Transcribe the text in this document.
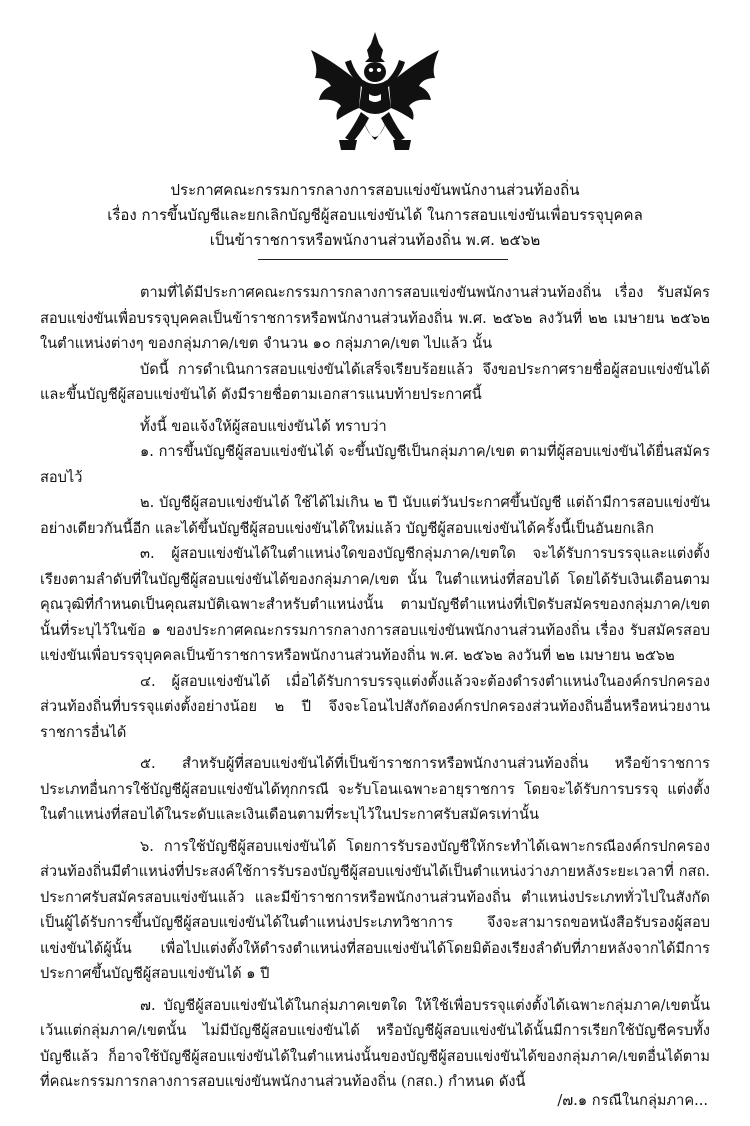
ประกาศคณะกรรมการกลางการสอบแข่งขันพนักงานส่วนท้องถิ่น
เรื่อง การขึ้นบัญชีและยกเลิกบัญชีผู้สอบแข่งขันได้ ในการสอบแข่งขันเพื่อบรรจุบุคคล
เป็นข้าราชการหรือพนักงานส่วนท้องถิ่น พ.ศ. ๒๕๖๒

ตามที่ได้มีประกาศคณะกรรมการกลางการสอบแข่งขันพนักงานส่วนท้องถิ่น เรื่อง รับสมัครสอบแข่งขันเพื่อบรรจุบุคคลเป็นข้าราชการหรือพนักงานส่วนท้องถิ่น พ.ศ. ๒๕๖๒ ลงวันที่ ๒๒ เมษายน ๒๕๖๒ ในตำแหน่งต่างๆ ของกลุ่มภาค/เขต จำนวน ๑๐ กลุ่มภาค/เขต ไปแล้ว นั้น

บัดนี้ การดำเนินการสอบแข่งขันได้เสร็จเรียบร้อยแล้ว จึงขอประกาศรายชื่อผู้สอบแข่งขันได้และขึ้นบัญชีผู้สอบแข่งขันได้ ดังมีรายชื่อตามเอกสารแนบท้ายประกาศนี้

ทั้งนี้ ขอแจ้งให้ผู้สอบแข่งขันได้ ทราบว่า

๑. การขึ้นบัญชีผู้สอบแข่งขันได้ จะขึ้นบัญชีเป็นกลุ่มภาค/เขต ตามที่ผู้สอบแข่งขันได้ยื่นสมัครสอบไว้

๒. บัญชีผู้สอบแข่งขันได้ ใช้ได้ไม่เกิน ๒ ปี นับแต่วันประกาศขึ้นบัญชี แต่ถ้ามีการสอบแข่งขันอย่างเดียวกันนี้อีก และได้ขึ้นบัญชีผู้สอบแข่งขันได้ใหม่แล้ว บัญชีผู้สอบแข่งขันได้ครั้งนี้เป็นอันยกเลิก

๓. ผู้สอบแข่งขันได้ในตำแหน่งใดของบัญชีกลุ่มภาค/เขตใด จะได้รับการบรรจุและแต่งตั้งเรียงตามลำดับที่ในบัญชีผู้สอบแข่งขันได้ของกลุ่มภาค/เขต นั้น ในตำแหน่งที่สอบได้ โดยได้รับเงินเดือนตามคุณวุฒิที่กำหนดเป็นคุณสมบัติเฉพาะสำหรับตำแหน่งนั้น ตามบัญชีตำแหน่งที่เปิดรับสมัครของกลุ่มภาค/เขตนั้นที่ระบุไว้ในข้อ ๑ ของประกาศคณะกรรมการกลางการสอบแข่งขันพนักงานส่วนท้องถิ่น เรื่อง รับสมัครสอบแข่งขันเพื่อบรรจุบุคคลเป็นข้าราชการหรือพนักงานส่วนท้องถิ่น พ.ศ. ๒๕๖๒ ลงวันที่ ๒๒ เมษายน ๒๕๖๒

๔. ผู้สอบแข่งขันได้ เมื่อได้รับการบรรจุแต่งตั้งแล้วจะต้องดำรงตำแหน่งในองค์กรปกครองส่วนท้องถิ่นที่บรรจุแต่งตั้งอย่างน้อย ๒ ปี จึงจะโอนไปสังกัดองค์กรปกครองส่วนท้องถิ่นอื่นหรือหน่วยงานราชการอื่นได้

๕. สำหรับผู้ที่สอบแข่งขันได้ที่เป็นข้าราชการหรือพนักงานส่วนท้องถิ่น หรือข้าราชการประเภทอื่นการใช้บัญชีผู้สอบแข่งขันได้ทุกกรณี จะรับโอนเฉพาะอายุราชการ โดยจะได้รับการบรรจุ แต่งตั้งในตำแหน่งที่สอบได้ในระดับและเงินเดือนตามที่ระบุไว้ในประกาศรับสมัครเท่านั้น

๖. การใช้บัญชีผู้สอบแข่งขันได้ โดยการรับรองบัญชีให้กระทำได้เฉพาะกรณีองค์กรปกครองส่วนท้องถิ่นมีตำแหน่งที่ประสงค์ใช้การรับรองบัญชีผู้สอบแข่งขันได้เป็นตำแหน่งว่างภายหลังระยะเวลาที่ กสถ. ประกาศรับสมัครสอบแข่งขันแล้ว และมีข้าราชการหรือพนักงานส่วนท้องถิ่น ตำแหน่งประเภททั่วไปในสังกัดเป็นผู้ได้รับการขึ้นบัญชีผู้สอบแข่งขันได้ในตำแหน่งประเภทวิชาการ จึงจะสามารถขอหนังสือรับรองผู้สอบแข่งขันได้ผู้นั้น เพื่อไปแต่งตั้งให้ดำรงตำแหน่งที่สอบแข่งขันได้โดยมิต้องเรียงลำดับที่ภายหลังจากได้มีการประกาศขึ้นบัญชีผู้สอบแข่งขันได้ ๑ ปี

๗. บัญชีผู้สอบแข่งขันได้ในกลุ่มภาคเขตใด ให้ใช้เพื่อบรรจุแต่งตั้งได้เฉพาะกลุ่มภาค/เขตนั้น เว้นแต่กลุ่มภาค/เขตนั้น ไม่มีบัญชีผู้สอบแข่งขันได้ หรือบัญชีผู้สอบแข่งขันได้นั้นมีการเรียกใช้บัญชีครบทั้งบัญชีแล้ว ก็อาจใช้บัญชีผู้สอบแข่งขันได้ในตำแหน่งนั้นของบัญชีผู้สอบแข่งขันได้ของกลุ่มภาค/เขตอื่นได้ตามที่คณะกรรมการกลางการสอบแข่งขันพนักงานส่วนท้องถิ่น (กสถ.) กำหนด ดังนี้

/๗.๑ กรณีในกลุ่มภาค...
